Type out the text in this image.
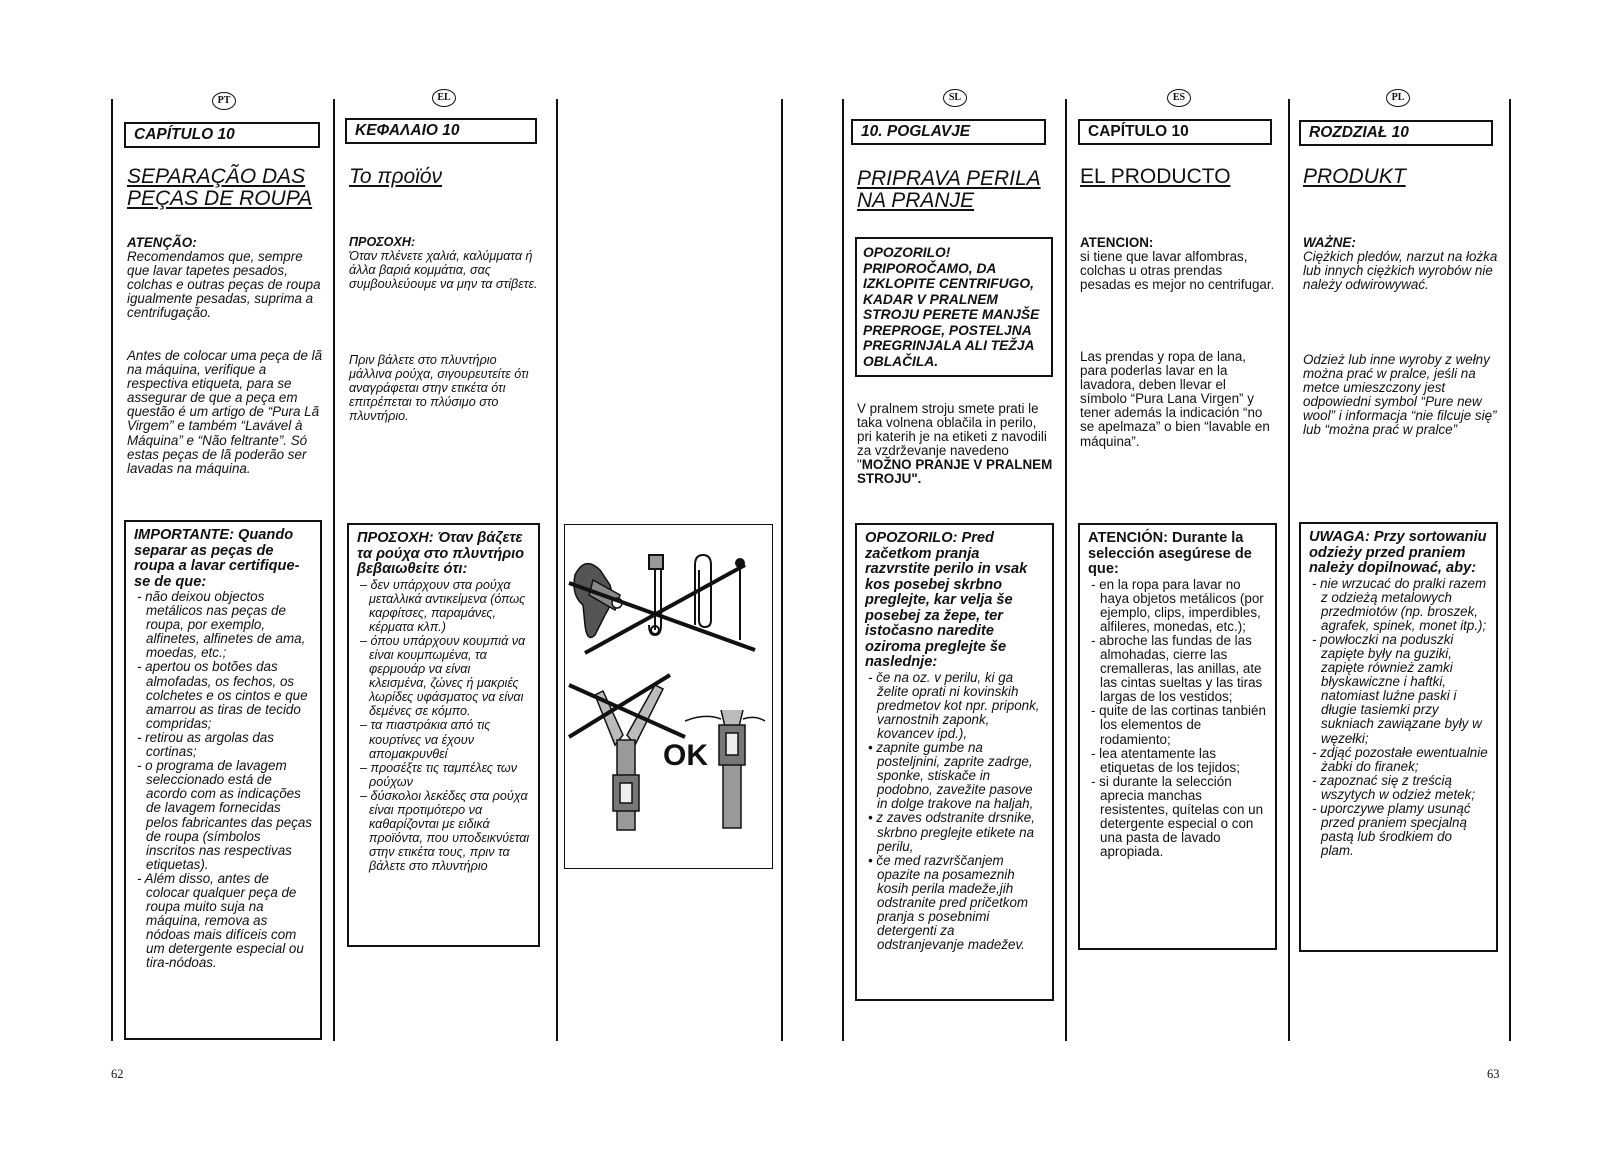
62	63
PT
CAPÍTULO 10
SEPARAÇÃO DAS
PEÇAS DE ROUPA
ATENÇÃO:
Recomendamos que, sempre que lavar tapetes pesados, colchas e outras peças de roupa igualmente pesadas, suprima a centrifugação.
Antes de colocar uma peça de lã na máquina, verifique a respectiva etiqueta, para se assegurar de que a peça em questão é um artigo de “Pura Lã Virgem” e também “Lavável à Máquina” e “Não feltrante”. Só estas peças de lã poderão ser lavadas na máquina.
IMPORTANTE: Quando separar as peças de roupa a lavar certifique-se de que:
- não deixou objectos metálicos nas peças de roupa, por exemplo, alfinetes, alfinetes de ama, moedas, etc.;
- apertou os botões das almofadas, os fechos, os colchetes e os cintos e que amarrou as tiras de tecido compridas;
- retirou as argolas das cortinas;
- o programa de lavagem seleccionado está de acordo com as indicações de lavagem fornecidas pelos fabricantes das peças de roupa (símbolos inscritos nas respectivas etiquetas).
- Além disso, antes de colocar qualquer peça de roupa muito suja na máquina, remova as nódoas mais difíceis com um detergente especial ou tira-nódoas.
EL
ΚΕΦΑΛΑΙΟ 10
Το προϊόν
ΠΡΟΣΟΧΗ:
Όταν πλένετε χαλιά, καλύμματα ή άλλα βαριά κομμάτια, σας συμβουλεύουμε να μην τα στίβετε.
Πριν βάλετε στο πλυντήριο μάλλινα ρούχα, σιγουρευτείτε ότι αναγράφεται στην ετικέτα ότι επιτρέπεται το πλύσιμο στο πλυντήριο.
ΠΡΟΣΟΧΗ: Όταν βάζετε τα ρούχα στο πλυντήριο βεβαιωθείτε ότι:
– δεν υπάρχουν στα ρούχα μεταλλικά αντικείμενα (όπως καρφίτσες, παραμάνες, κέρματα κλπ.)
– όπου υπάρχουν κουμπιά να είναι κουμπωμένα, τα φερμουάρ να είναι κλεισμένα, ζώνες ή μακριές λωρίδες υφάσματος να είναι δεμένες σε κόμπο.
– τα πιαστράκια από τις κουρτίνες να έχουν απομακρυνθεί
– προσέξτε τις ταμπέλες των ρούχων
– δύσκολοι λεκέδες στα ρούχα είναι προτιμότερο να καθαρίζονται με ειδικά προϊόντα, που υποδεικνύεται στην ετικέτα τους, πριν τα βάλετε στο πλυντήριο
OK
SL
10. POGLAVJE
PRIPRAVA PERILA
NA PRANJE
OPOZORILO! PRIPOROČAMO, DA IZKLOPITE CENTRIFUGO, KADAR V PRALNEM STROJU PERETE MANJŠE PREPROGE, POSTELJNA PREGRINJALA ALI TEŽJA OBLAČILA.
V pralnem stroju smete prati le taka volnena oblačila in perilo, pri katerih je na etiketi z navodili za vzdrževanje navedeno "MOŽNO PRANJE V PRALNEM STROJU".
OPOZORILO: Pred začetkom pranja razvrstite perilo in vsak kos posebej skrbno preglejte, kar velja še posebej za žepe, ter istočasno naredite oziroma preglejte še naslednje:
- če na oz. v perilu, ki ga želite oprati ni kovinskih predmetov kot npr. priponk, varnostnih zaponk, kovancev ipd.),
• zapnite gumbe na posteljnini, zaprite zadrge, sponke, stiskače in podobno, zavežite pasove in dolge trakove na haljah,
• z zaves odstranite drsnike, skrbno preglejte etikete na perilu,
• če med razvrščanjem opazite na posameznih kosih perila madeže,jih odstranite pred pričetkom pranja s posebnimi detergenti za odstranjevanje madežev.
ES
CAPÍTULO 10
EL PRODUCTO
ATENCION:
si tiene que lavar alfombras, colchas u otras prendas pesadas es mejor no centrifugar.
Las prendas y ropa de lana, para poderlas lavar en la lavadora, deben llevar el símbolo “Pura Lana Virgen” y tener además la indicación “no se apelmaza” o bien “lavable en máquina”.
ATENCIÓN: Durante la selección asegúrese de que:
- en la ropa para lavar no haya objetos metálicos (por ejemplo, clips, imperdibles, alfileres, monedas, etc.);
- abroche las fundas de las almohadas, cierre las cremalleras, las anillas, ate las cintas sueltas y las tiras largas de los vestidos;
- quite de las cortinas tanbién los elementos de rodamiento;
- lea atentamente las etiquetas de los tejidos;
- si durante la selección aprecia manchas resistentes, quítelas con un detergente especial o con una pasta de lavado apropiada.
PL
ROZDZIAŁ 10
PRODUKT
WAŻNE:
Ciężkich pledów, narzut na łożka lub innych ciężkich wyrobów nie należy odwirowywać.
Odzież lub inne wyroby z wełny można prać w pralce, jeśli na metce umieszczony jest odpowiedni symbol “Pure new wool” i informacja “nie filcuje się” lub “można prać w pralce”
UWAGA: Przy sortowaniu odzieży przed praniem należy dopilnować, aby:
- nie wrzucać do pralki razem z odzieżą metalowych przedmiotów (np. broszek, agrafek, spinek, monet itp.);
- powłoczki na poduszki zapięte były na guziki, zapięte również zamki błyskawiczne i haftki, natomiast luźne paski i długie tasiemki przy sukniach zawiązane były w węzełki;
- zdjąć pozostałe ewentualnie żabki do firanek;
- zapoznać się z treścią wszytych w odzież metek;
- uporczywe plamy usunąć przed praniem specjalną pastą lub środkiem do plam.
